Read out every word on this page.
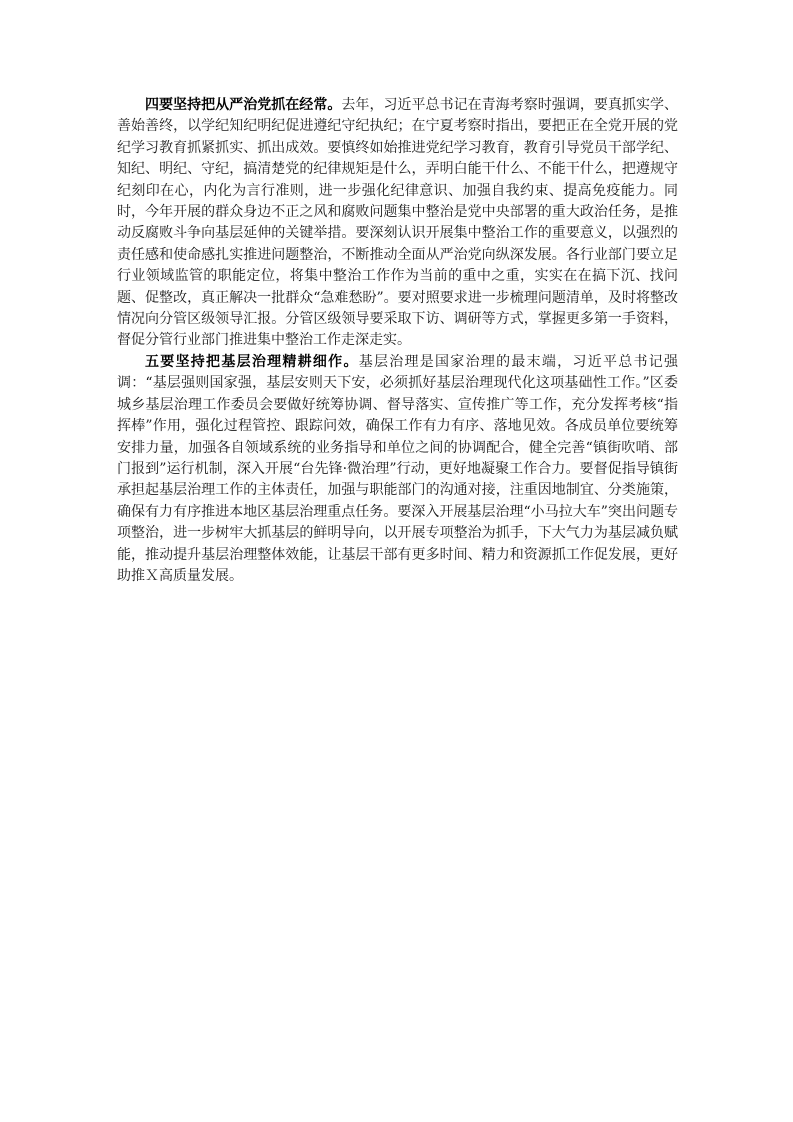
四要坚持把从严治党抓在经常。去年，习近平总书记在青海考察时强调，要真抓实学、善始善终，以学纪知纪明纪促进遵纪守纪执纪；在宁夏考察时指出，要把正在全党开展的党纪学习教育抓紧抓实、抓出成效。要慎终如始推进党纪学习教育，教育引导党员干部学纪、知纪、明纪、守纪，搞清楚党的纪律规矩是什么，弄明白能干什么、不能干什么，把遵规守纪刻印在心，内化为言行准则，进一步强化纪律意识、加强自我约束、提高免疫能力。同时，今年开展的群众身边不正之风和腐败问题集中整治是党中央部署的重大政治任务，是推动反腐败斗争向基层延伸的关键举措。要深刻认识开展集中整治工作的重要意义，以强烈的责任感和使命感扎实推进问题整治，不断推动全面从严治党向纵深发展。各行业部门要立足行业领域监管的职能定位，将集中整治工作作为当前的重中之重，实实在在搞下沉、找问题、促整改，真正解决一批群众“急难愁盼”。要对照要求进一步梳理问题清单，及时将整改情况向分管区级领导汇报。分管区级领导要采取下访、调研等方式，掌握更多第一手资料，督促分管行业部门推进集中整治工作走深走实。

五要坚持把基层治理精耕细作。基层治理是国家治理的最末端，习近平总书记强调：“基层强则国家强，基层安则天下安，必须抓好基层治理现代化这项基础性工作。”区委城乡基层治理工作委员会要做好统筹协调、督导落实、宣传推广等工作，充分发挥考核“指挥棒”作用，强化过程管控、跟踪问效，确保工作有力有序、落地见效。各成员单位要统筹安排力量，加强各自领域系统的业务指导和单位之间的协调配合，健全完善“镇街吹哨、部门报到”运行机制，深入开展“台先锋·微治理”行动，更好地凝聚工作合力。要督促指导镇街承担起基层治理工作的主体责任，加强与职能部门的沟通对接，注重因地制宜、分类施策，确保有力有序推进本地区基层治理重点任务。要深入开展基层治理“小马拉大车”突出问题专项整治，进一步树牢大抓基层的鲜明导向，以开展专项整治为抓手，下大气力为基层减负赋能，推动提升基层治理整体效能，让基层干部有更多时间、精力和资源抓工作促发展，更好助推Ｘ高质量发展。
